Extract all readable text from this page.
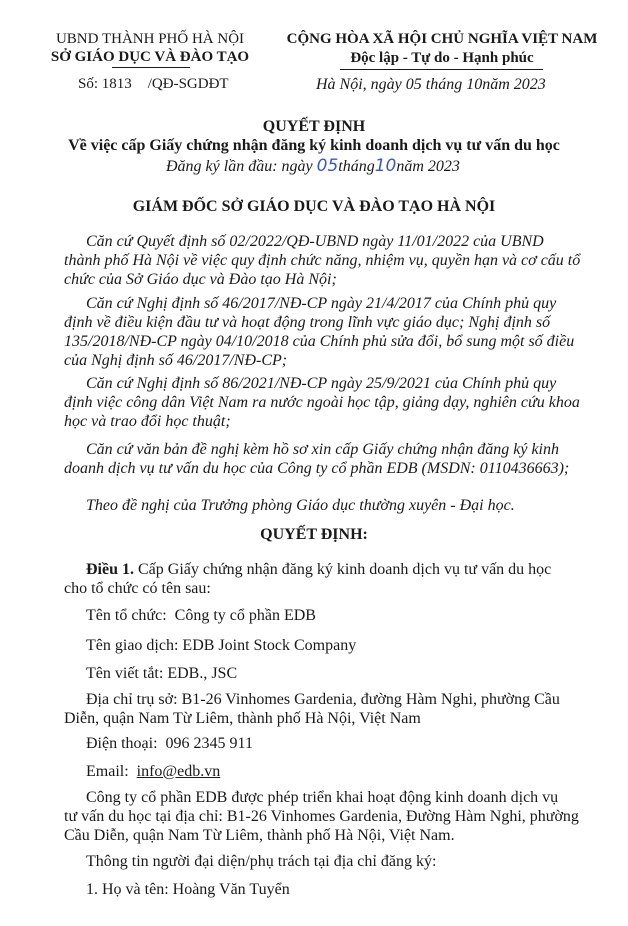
UBND THÀNH PHỐ HÀ NỘI
SỞ GIÁO DỤC VÀ ĐÀO TẠO
Số: 1813 /QĐ-SGDĐT
CỘNG HÒA XÃ HỘI CHỦ NGHĨA VIỆT NAM
Độc lập - Tự do - Hạnh phúc
Hà Nội, ngày 05 tháng 10năm 2023
QUYẾT ĐỊNH
Về việc cấp Giấy chứng nhận đăng ký kinh doanh dịch vụ tư vấn du học
Đăng ký lần đầu: ngày 05tháng10năm 2023
GIÁM ĐỐC SỞ GIÁO DỤC VÀ ĐÀO TẠO HÀ NỘI
Căn cứ Quyết định số 02/2022/QĐ-UBND ngày 11/01/2022 của UBND
thành phố Hà Nội về việc quy định chức năng, nhiệm vụ, quyền hạn và cơ cấu tổ
chức của Sở Giáo dục và Đào tạo Hà Nội;
Căn cứ Nghị định số 46/2017/NĐ-CP ngày 21/4/2017 của Chính phủ quy
định về điều kiện đầu tư và hoạt động trong lĩnh vực giáo dục; Nghị định số
135/2018/NĐ-CP ngày 04/10/2018 của Chính phủ sửa đổi, bổ sung một số điều
của Nghị định số 46/2017/NĐ-CP;
Căn cứ Nghị định số 86/2021/NĐ-CP ngày 25/9/2021 của Chính phủ quy
định việc công dân Việt Nam ra nước ngoài học tập, giảng dạy, nghiên cứu khoa
học và trao đổi học thuật;
Căn cứ văn bản đề nghị kèm hồ sơ xin cấp Giấy chứng nhận đăng ký kinh
doanh dịch vụ tư vấn du học của Công ty cổ phần EDB (MSDN: 0110436663);
Theo đề nghị của Trưởng phòng Giáo dục thường xuyên - Đại học.
QUYẾT ĐỊNH:
Điều 1. Cấp Giấy chứng nhận đăng ký kinh doanh dịch vụ tư vấn du học
cho tổ chức có tên sau:
Tên tổ chức: Công ty cổ phần EDB
Tên giao dịch: EDB Joint Stock Company
Tên viết tắt: EDB., JSC
Địa chỉ trụ sở: B1-26 Vinhomes Gardenia, đường Hàm Nghi, phường Cầu
Diễn, quận Nam Từ Liêm, thành phố Hà Nội, Việt Nam
Điện thoại: 096 2345 911
Email: info@edb.vn
Công ty cổ phần EDB được phép triển khai hoạt động kinh doanh dịch vụ
tư vấn du học tại địa chỉ: B1-26 Vinhomes Gardenia, Đường Hàm Nghi, phường
Cầu Diễn, quận Nam Từ Liêm, thành phố Hà Nội, Việt Nam.
Thông tin người đại diện/phụ trách tại địa chỉ đăng ký:
1. Họ và tên: Hoàng Văn Tuyển
